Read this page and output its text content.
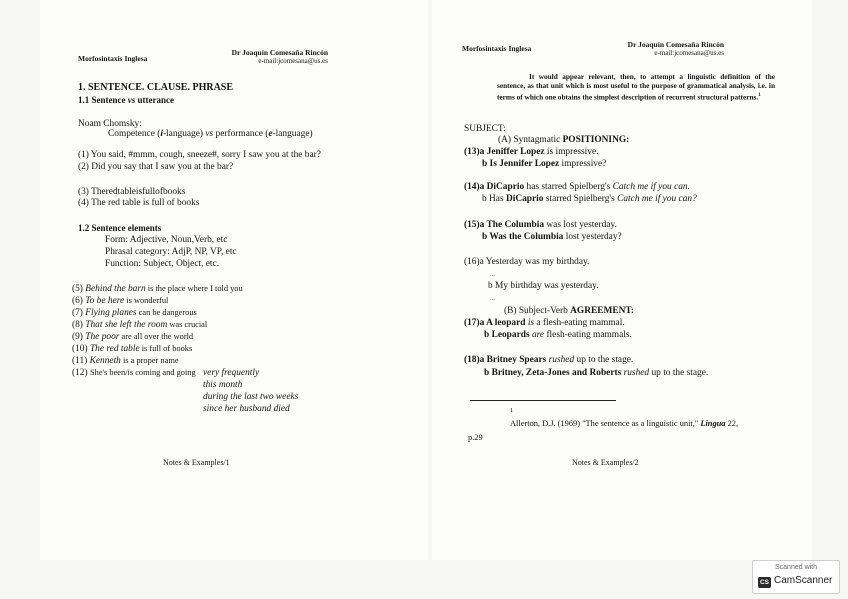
Morfosintaxis Inglesa
Dr Joaquín Comesaña Rincón
e-mail:jcomesana@us.es
1. SENTENCE. CLAUSE. PHRASE
1.1 Sentence vs utterance
Noam Chomsky:
Competence (i-language) vs performance (e-language)
(1) You said, #mmm, cough, sneeze#, sorry I saw you at the bar?
(2) Did you say that I saw you at the bar?
(3) Theredtableisfullofbooks
(4) The red table is full of books
1.2 Sentence elements
Form: Adjective, Noun,Verb, etc
Phrasal category: AdjP, NP, VP, etc
Function: Subject, Object, etc.
(5) Behind the barn is the place where I told you
(6) To be here is wonderful
(7) Flying planes can be dangerous
(8) That she left the room was crucial
(9) The poor are all over the world
(10) The red table is full of books
(11) Kenneth is a proper name
(12) She's been/is coming and going very frequently
this month
during the last two weeks
since her husband died
Notes & Examples/1
Morfosintaxis Inglesa	Dr Joaquín Comesaña Rincón
e-mail:jcomesana@us.es
It would appear relevant, then, to attempt a linguistic definition of the sentence, as that unit which is most useful to the purpose of grammatical analysis, i.e. in terms of which one obtains the simplest description of recurrent structural patterns.$^1$
SUBJECT:
(A) Syntagmatic POSITIONING:
(13)a Jeniffer Lopez is impressive.
b Is Jennifer Lopez impressive?
(14)a DiCaprio has starred Spielberg's Catch me if you can.
b Has DiCaprio starred Spielberg's Catch me if you can?
(15)a The Columbia was lost yesterday.
b Was the Columbia lost yesterday?
(16)a Yesterday was my birthday.
...
b My birthday was yesterday.
...
(B) Subject-Verb AGREEMENT:
(17)a A leopard is a flesh-eating mammal.
b Leopards are flesh-eating mammals.
(18)a Britney Spears rushed up to the stage.
b Britney, Zeta-Jones and Roberts rushed up to the stage.
1
Allerton, D.J. (1969) "The sentence as a linguistic unit," Lingua 22,
p.29
Notes & Examples/2
Scanned with
CS CamScanner
